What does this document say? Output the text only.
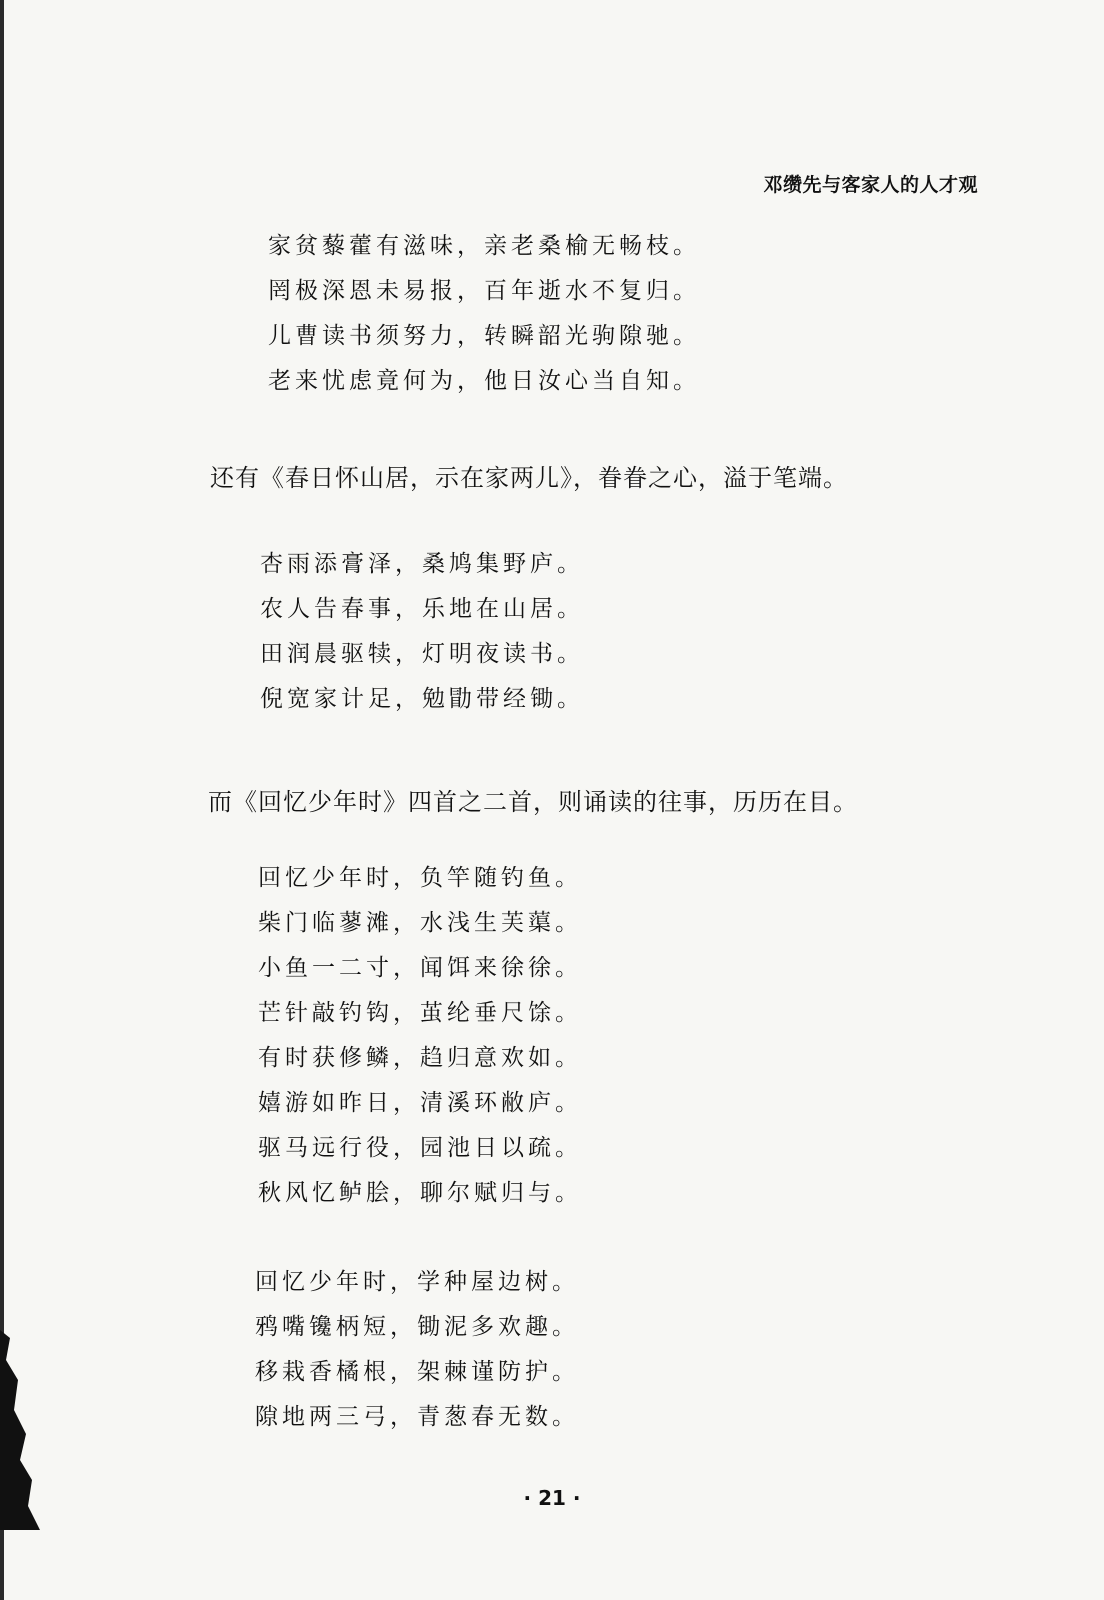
邓缵先与客家人的人才观
家贫藜藿有滋味，亲老桑榆无畅枝。
罔极深恩未易报，百年逝水不复归。
儿曹读书须努力，转瞬韶光驹隙驰。
老来忧虑竟何为，他日汝心当自知。
还有《春日怀山居，示在家两儿》，眷眷之心，溢于笔端。
杏雨添膏泽，桑鸠集野庐。
农人告春事，乐地在山居。
田润晨驱犊，灯明夜读书。
倪宽家计足，勉勖带经锄。
而《回忆少年时》四首之二首，则诵读的往事，历历在目。
回忆少年时，负竿随钓鱼。
柴门临蓼滩，水浅生芙蕖。
小鱼一二寸，闻饵来徐徐。
芒针敲钓钩，茧纶垂尺馀。
有时获修鳞，趋归意欢如。
嬉游如昨日，清溪环敝庐。
驱马远行役，园池日以疏。
秋风忆鲈脍，聊尔赋归与。
回忆少年时，学种屋边树。
鸦嘴镵柄短，锄泥多欢趣。
移栽香橘根，架棘谨防护。
隙地两三弓，青葱春无数。
· 21 ·
